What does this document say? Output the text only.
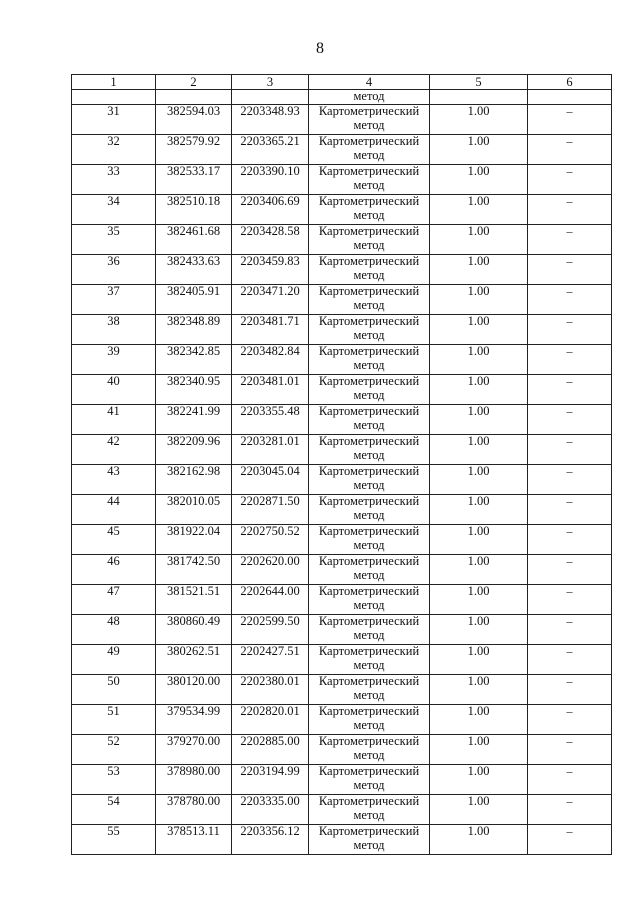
8
1	2	3	4	5	6
			метод		
31	382594.03	2203348.93	Картометрический метод	1.00	–
32	382579.92	2203365.21	Картометрический метод	1.00	–
33	382533.17	2203390.10	Картометрический метод	1.00	–
34	382510.18	2203406.69	Картометрический метод	1.00	–
35	382461.68	2203428.58	Картометрический метод	1.00	–
36	382433.63	2203459.83	Картометрический метод	1.00	–
37	382405.91	2203471.20	Картометрический метод	1.00	–
38	382348.89	2203481.71	Картометрический метод	1.00	–
39	382342.85	2203482.84	Картометрический метод	1.00	–
40	382340.95	2203481.01	Картометрический метод	1.00	–
41	382241.99	2203355.48	Картометрический метод	1.00	–
42	382209.96	2203281.01	Картометрический метод	1.00	–
43	382162.98	2203045.04	Картометрический метод	1.00	–
44	382010.05	2202871.50	Картометрический метод	1.00	–
45	381922.04	2202750.52	Картометрический метод	1.00	–
46	381742.50	2202620.00	Картометрический метод	1.00	–
47	381521.51	2202644.00	Картометрический метод	1.00	–
48	380860.49	2202599.50	Картометрический метод	1.00	–
49	380262.51	2202427.51	Картометрический метод	1.00	–
50	380120.00	2202380.01	Картометрический метод	1.00	–
51	379534.99	2202820.01	Картометрический метод	1.00	–
52	379270.00	2202885.00	Картометрический метод	1.00	–
53	378980.00	2203194.99	Картометрический метод	1.00	–
54	378780.00	2203335.00	Картометрический метод	1.00	–
55	378513.11	2203356.12	Картометрический метод	1.00	–
